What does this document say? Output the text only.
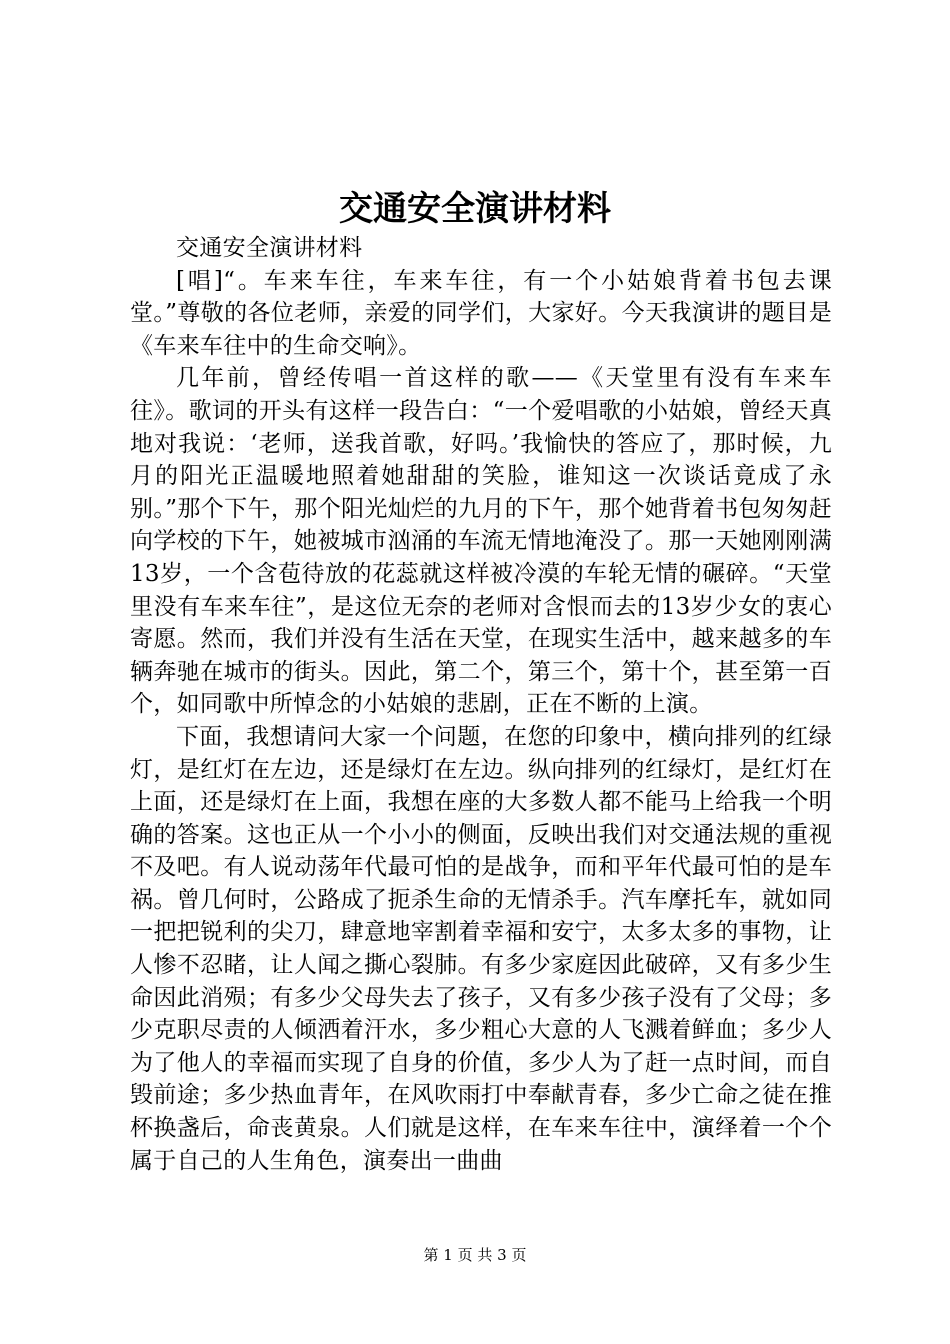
交通安全演讲材料

交通安全演讲材料

[唱]“。车来车往，车来车往，有一个小姑娘背着书包去课堂。”尊敬的各位老师，亲爱的同学们，大家好。今天我演讲的题目是《车来车往中的生命交响》。

几年前，曾经传唱一首这样的歌——《天堂里有没有车来车往》。歌词的开头有这样一段告白：“一个爱唱歌的小姑娘，曾经天真地对我说：‘老师，送我首歌，好吗。’我愉快的答应了，那时候，九月的阳光正温暖地照着她甜甜的笑脸，谁知这一次谈话竟成了永别。”那个下午，那个阳光灿烂的九月的下午，那个她背着书包匆匆赶向学校的下午，她被城市汹涌的车流无情地淹没了。那一天她刚刚满13岁，一个含苞待放的花蕊就这样被冷漠的车轮无情的碾碎。“天堂里没有车来车往”，是这位无奈的老师对含恨而去的13岁少女的衷心寄愿。然而，我们并没有生活在天堂，在现实生活中，越来越多的车辆奔驰在城市的街头。因此，第二个，第三个，第十个，甚至第一百个，如同歌中所悼念的小姑娘的悲剧，正在不断的上演。

下面，我想请问大家一个问题，在您的印象中，横向排列的红绿灯，是红灯在左边，还是绿灯在左边。纵向排列的红绿灯，是红灯在上面，还是绿灯在上面，我想在座的大多数人都不能马上给我一个明确的答案。这也正从一个小小的侧面，反映出我们对交通法规的重视不及吧。有人说动荡年代最可怕的是战争，而和平年代最可怕的是车祸。曾几何时，公路成了扼杀生命的无情杀手。汽车摩托车，就如同一把把锐利的尖刀，肆意地宰割着幸福和安宁，太多太多的事物，让人惨不忍睹，让人闻之撕心裂肺。有多少家庭因此破碎，又有多少生命因此消殒；有多少父母失去了孩子，又有多少孩子没有了父母；多少克职尽责的人倾洒着汗水，多少粗心大意的人飞溅着鲜血；多少人为了他人的幸福而实现了自身的价值，多少人为了赶一点时间，而自毁前途；多少热血青年，在风吹雨打中奉献青春，多少亡命之徒在推杯换盏后，命丧黄泉。人们就是这样，在车来车往中，演绎着一个个属于自己的人生角色，演奏出一曲曲

第 1 页 共 3 页
